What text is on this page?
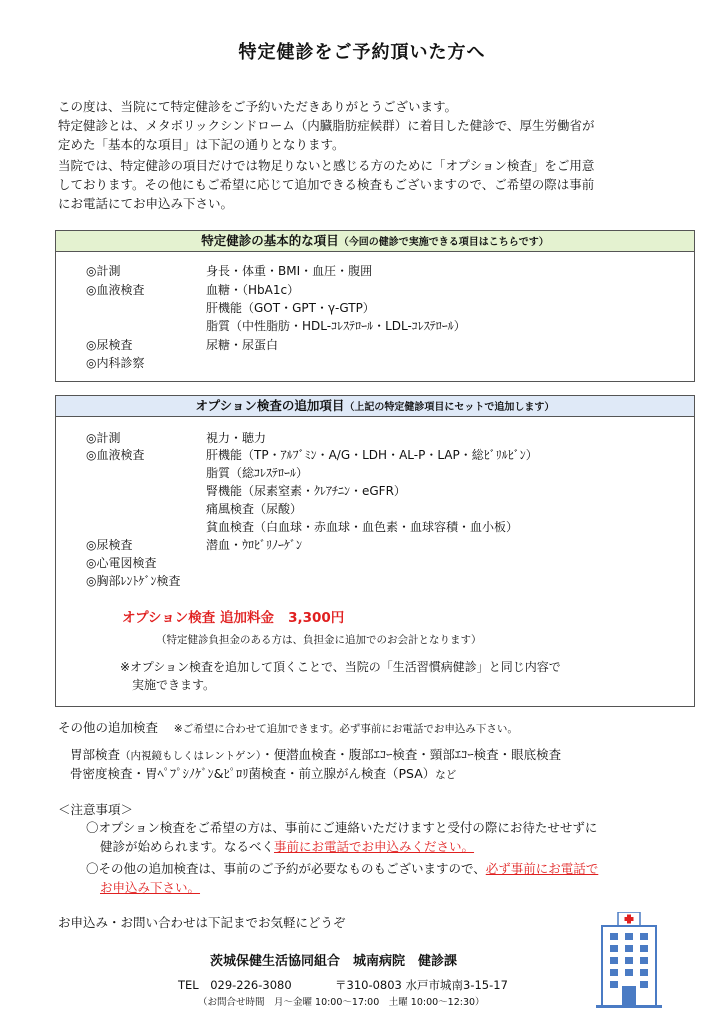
特定健診をご予約頂いた方へ
この度は、当院にて特定健診をご予約いただきありがとうございます。
特定健診とは、メタボリックシンドローム（内臓脂肪症候群）に着目した健診で、厚生労働省が
定めた「基本的な項目」は下記の通りとなります。
当院では、特定健診の項目だけでは物足りないと感じる方のために「オプション検査」をご用意
しております。その他にもご希望に応じて追加できる検査もございますので、ご希望の際は事前
にお電話にてお申込み下さい。
特定健診の基本的な項目（今回の健診で実施できる項目はこちらです）
◎計測	身長・体重・BMI・血圧・腹囲
◎血液検査	血糖・（HbA1c）
肝機能（GOT・GPT・γ-GTP）
脂質（中性脂肪・HDL-ｺﾚｽﾃﾛｰﾙ・LDL-ｺﾚｽﾃﾛｰﾙ）
◎尿検査	尿糖・尿蛋白
◎内科診察
オプション検査の追加項目（上記の特定健診項目にセットで追加します）
◎計測	視力・聴力
◎血液検査	肝機能（TP・ｱﾙﾌﾞﾐﾝ・A/G・LDH・AL-P・LAP・総ﾋﾞﾘﾙﾋﾞﾝ）
脂質（総ｺﾚｽﾃﾛｰﾙ）
腎機能（尿素窒素・ｸﾚｱﾁﾆﾝ・eGFR）
痛風検査（尿酸）
貧血検査（白血球・赤血球・血色素・血球容積・血小板）
◎尿検査	潜血・ｳﾛﾋﾞﾘﾉｰｹﾞﾝ
◎心電図検査
◎胸部ﾚﾝﾄｹﾞﾝ検査
オプション検査 追加料金 3,300円
（特定健診負担金のある方は、負担金に追加でのお会計となります）
※オプション検査を追加して頂くことで、当院の「生活習慣病健診」と同じ内容で
実施できます。
その他の追加検査 ※ご希望に合わせて追加できます。必ず事前にお電話でお申込み下さい。
胃部検査（内視鏡もしくはレントゲン）・便潜血検査・腹部ｴｺｰ検査・頸部ｴｺｰ検査・眼底検査
骨密度検査・胃ﾍﾟﾌﾟｼﾉｹﾞﾝ&ﾋﾟﾛﾘ菌検査・前立腺がん検査（PSA）など
＜注意事項＞
〇オプション検査をご希望の方は、事前にご連絡いただけますと受付の際にお待たせせずに
健診が始められます。なるべく事前にお電話でお申込みください。
〇その他の追加検査は、事前のご予約が必要なものもございますので、必ず事前にお電話で
お申込み下さい。
お申込み・お問い合わせは下記までお気軽にどうぞ
茨城保健生活協同組合　城南病院　健診課
TEL　029-226-3080	〒310-0803 水戸市城南3-15-17
（お問合せ時間　月～金曜 10:00～17:00　土曜 10:00～12:30）
